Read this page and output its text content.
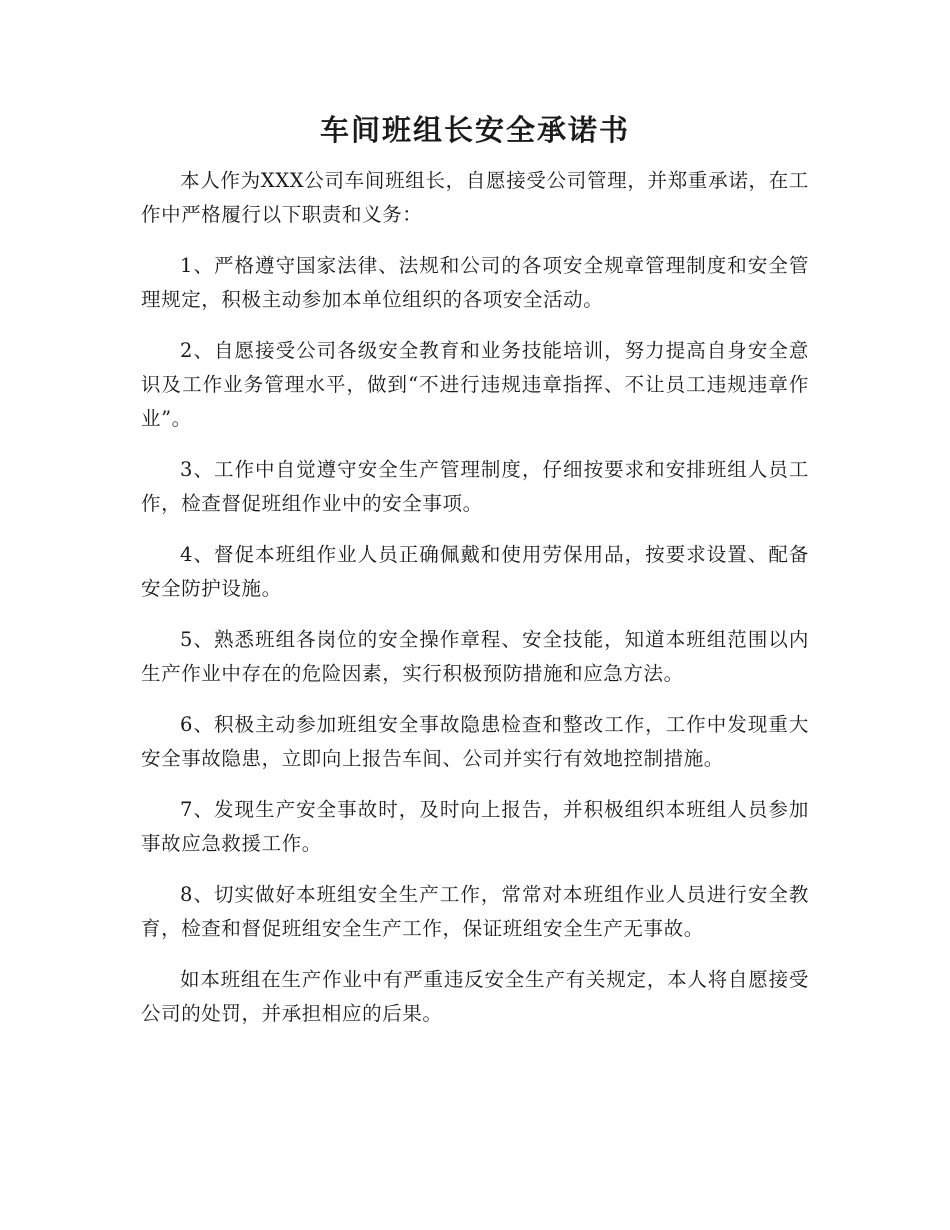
车间班组长安全承诺书

本人作为XXX公司车间班组长，自愿接受公司管理，并郑重承诺，在工作中严格履行以下职责和义务：

1、严格遵守国家法律、法规和公司的各项安全规章管理制度和安全管理规定，积极主动参加本单位组织的各项安全活动。

2、自愿接受公司各级安全教育和业务技能培训，努力提高自身安全意识及工作业务管理水平，做到“不进行违规违章指挥、不让员工违规违章作业”。

3、工作中自觉遵守安全生产管理制度，仔细按要求和安排班组人员工作，检查督促班组作业中的安全事项。

4、督促本班组作业人员正确佩戴和使用劳保用品，按要求设置、配备安全防护设施。

5、熟悉班组各岗位的安全操作章程、安全技能，知道本班组范围以内生产作业中存在的危险因素，实行积极预防措施和应急方法。

6、积极主动参加班组安全事故隐患检查和整改工作，工作中发现重大安全事故隐患，立即向上报告车间、公司并实行有效地控制措施。

7、发现生产安全事故时，及时向上报告，并积极组织本班组人员参加事故应急救援工作。

8、切实做好本班组安全生产工作，常常对本班组作业人员进行安全教育，检查和督促班组安全生产工作，保证班组安全生产无事故。

如本班组在生产作业中有严重违反安全生产有关规定，本人将自愿接受公司的处罚，并承担相应的后果。
